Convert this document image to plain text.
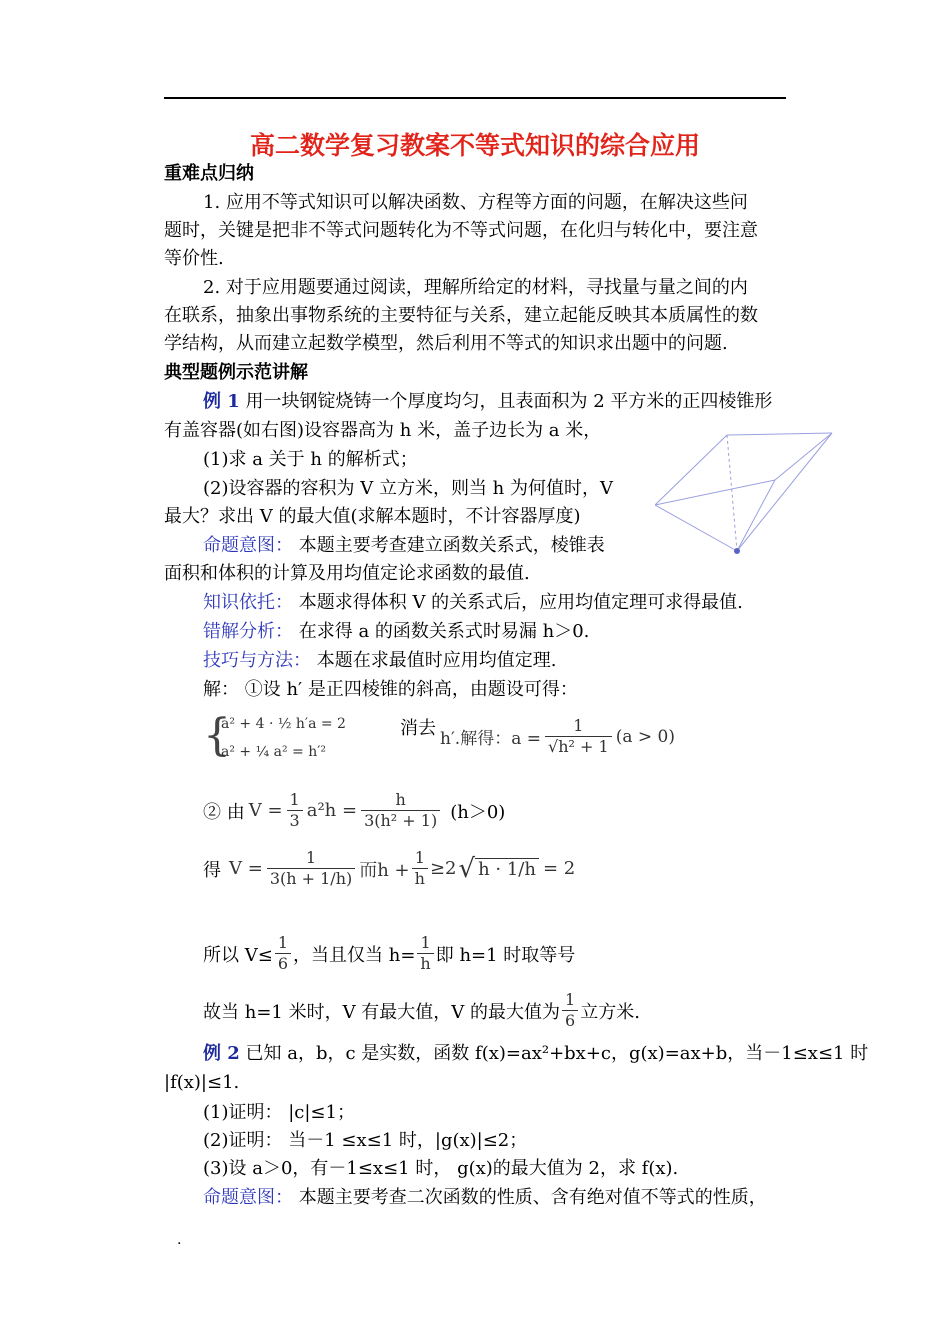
高二数学复习教案不等式知识的综合应用
重难点归纳
1. 应用不等式知识可以解决函数、方程等方面的问题，在解决这些问
题时，关键是把非不等式问题转化为不等式问题，在化归与转化中，要注意
等价性.
2. 对于应用题要通过阅读，理解所给定的材料，寻找量与量之间的内
在联系，抽象出事物系统的主要特征与关系，建立起能反映其本质属性的数
学结构，从而建立起数学模型，然后利用不等式的知识求出题中的问题.
典型题例示范讲解
例 1 用一块钢锭烧铸一个厚度均匀，且表面积为 2 平方米的正四棱锥形
有盖容器(如右图)设容器高为 h 米，盖子边长为 a 米，
(1)求 a 关于 h 的解析式；
(2)设容器的容积为 V 立方米，则当 h 为何值时，V
最大？求出 V 的最大值(求解本题时，不计容器厚度)
命题意图： 本题主要考查建立函数关系式，棱锥表
面积和体积的计算及用均值定论求函数的最值.
知识依托： 本题求得体积 V 的关系式后，应用均值定理可求得最值.
错解分析： 在求得 a 的函数关系式时易漏 h＞0.
技巧与方法： 本题在求最值时应用均值定理.
解： ①设 h′ 是正四棱锥的斜高，由题设可得：
{
a² + 4 · ½ h′a = 2
a² + ¼ a² = h′²
消去 h′.解得：$a = \frac{1}{\text{√h² + 1}} (a > 0)$
② 由 $V = \frac{1}{3} a^2h = \frac{h}{\text{3(h² + 1)}} (h>0)$
得 $V = \frac{1}{3(h + 1/h)}$ 而$h + \frac{1}{h} \ge 2$ √ h · 1/h = 2
所以 $V\le \frac{1}{6}$ ，当且仅当 $h= \frac{1}{h}$ 即 h=1 时取等号
故当 h=1 米时，V 有最大值，V 的最大值为 $\frac{1}{6}$ 立方米.
例 2 已知 a，b，c 是实数，函数 f(x)=ax²+bx+c，g(x)=ax+b，当－1≤x≤1 时
|f(x)|≤1.
(1)证明： |c|≤1；
(2)证明： 当－1 ≤x≤1 时，|g(x)|≤2；
(3)设 a＞0，有－1≤x≤1 时， g(x)的最大值为 2，求 f(x).
命题意图： 本题主要考查二次函数的性质、含有绝对值不等式的性质，
.
